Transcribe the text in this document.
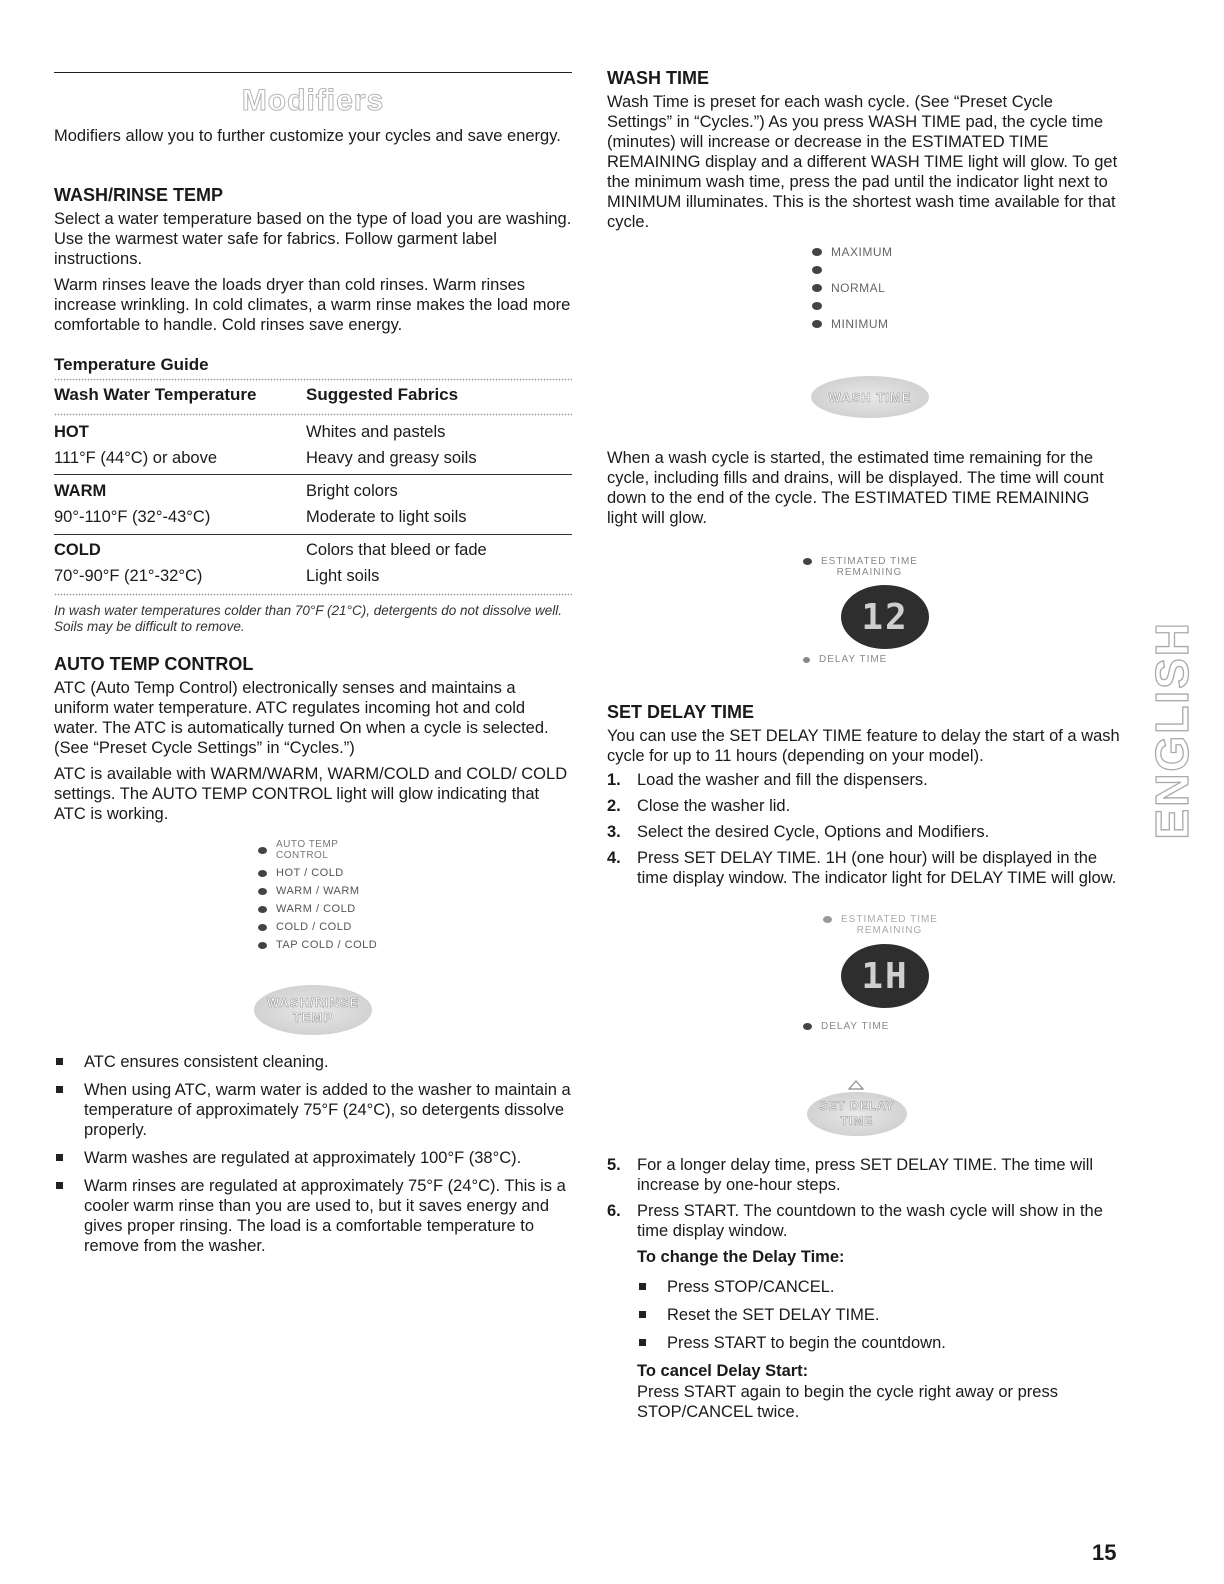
Modifiers

Modifiers allow you to further customize your cycles and save energy.

WASH/RINSE TEMP

Select a water temperature based on the type of load you are washing. Use the warmest water safe for fabrics. Follow garment label instructions.

Warm rinses leave the loads dryer than cold rinses. Warm rinses increase wrinkling. In cold climates, a warm rinse makes the load more comfortable to handle. Cold rinses save energy.

Temperature Guide
Wash Water Temperature	Suggested Fabrics
HOT	Whites and pastels
111°F (44°C) or above	Heavy and greasy soils
WARM	Bright colors
90°-110°F (32°-43°C)	Moderate to light soils
COLD	Colors that bleed or fade
70°-90°F (21°-32°C)	Light soils

In wash water temperatures colder than 70°F (21°C), detergents do not dissolve well. Soils may be difficult to remove.

AUTO TEMP CONTROL

ATC (Auto Temp Control) electronically senses and maintains a uniform water temperature. ATC regulates incoming hot and cold water. The ATC is automatically turned On when a cycle is selected. (See “Preset Cycle Settings” in “Cycles.”)

ATC is available with WARM/WARM, WARM/COLD and COLD/ COLD settings. The AUTO TEMP CONTROL light will glow indicating that ATC is working.

AUTO TEMP
CONTROL
HOT / COLD
WARM / WARM
WARM / COLD
COLD / COLD
TAP COLD / COLD
WASH/RINSE
TEMP
ATC ensures consistent cleaning.
When using ATC, warm water is added to the washer to maintain a temperature of approximately 75°F (24°C), so detergents dissolve properly.
Warm washes are regulated at approximately 100°F (38°C).
Warm rinses are regulated at approximately 75°F (24°C). This is a cooler warm rinse than you are used to, but it saves energy and gives proper rinsing. The load is a comfortable temperature to remove from the washer.
WASH TIME

Wash Time is preset for each wash cycle. (See “Preset Cycle Settings” in “Cycles.”) As you press WASH TIME pad, the cycle time (minutes) will increase or decrease in the ESTIMATED TIME REMAINING display and a different WASH TIME light will glow. To get the minimum wash time, press the pad until the indicator light next to MINIMUM illuminates. This is the shortest wash time available for that cycle.

MAXIMUM
NORMAL
MINIMUM
WASH TIME

When a wash cycle is started, the estimated time remaining for the cycle, including fills and drains, will be displayed. The time will count down to the end of the cycle. The ESTIMATED TIME REMAINING light will glow.

ESTIMATED TIME
REMAINING
12
DELAY TIME
SET DELAY TIME

You can use the SET DELAY TIME feature to delay the start of a wash cycle for up to 11 hours (depending on your model).

1. Load the washer and fill the dispensers.
2. Close the washer lid.
3. Select the desired Cycle, Options and Modifiers.
4. Press SET DELAY TIME. 1H (one hour) will be displayed in the time display window. The indicator light for DELAY TIME will glow.
ESTIMATED TIME
REMAINING
1H
DELAY TIME
SET DELAY
TIME
5. For a longer delay time, press SET DELAY TIME. The time will increase by one-hour steps.
6. Press START. The countdown to the wash cycle will show in the time display window.
To change the Delay Time:
Press STOP/CANCEL.
Reset the SET DELAY TIME.
Press START to begin the countdown.
To cancel Delay Start:

Press START again to begin the cycle right away or press STOP/CANCEL twice.

ENGLISH
15
